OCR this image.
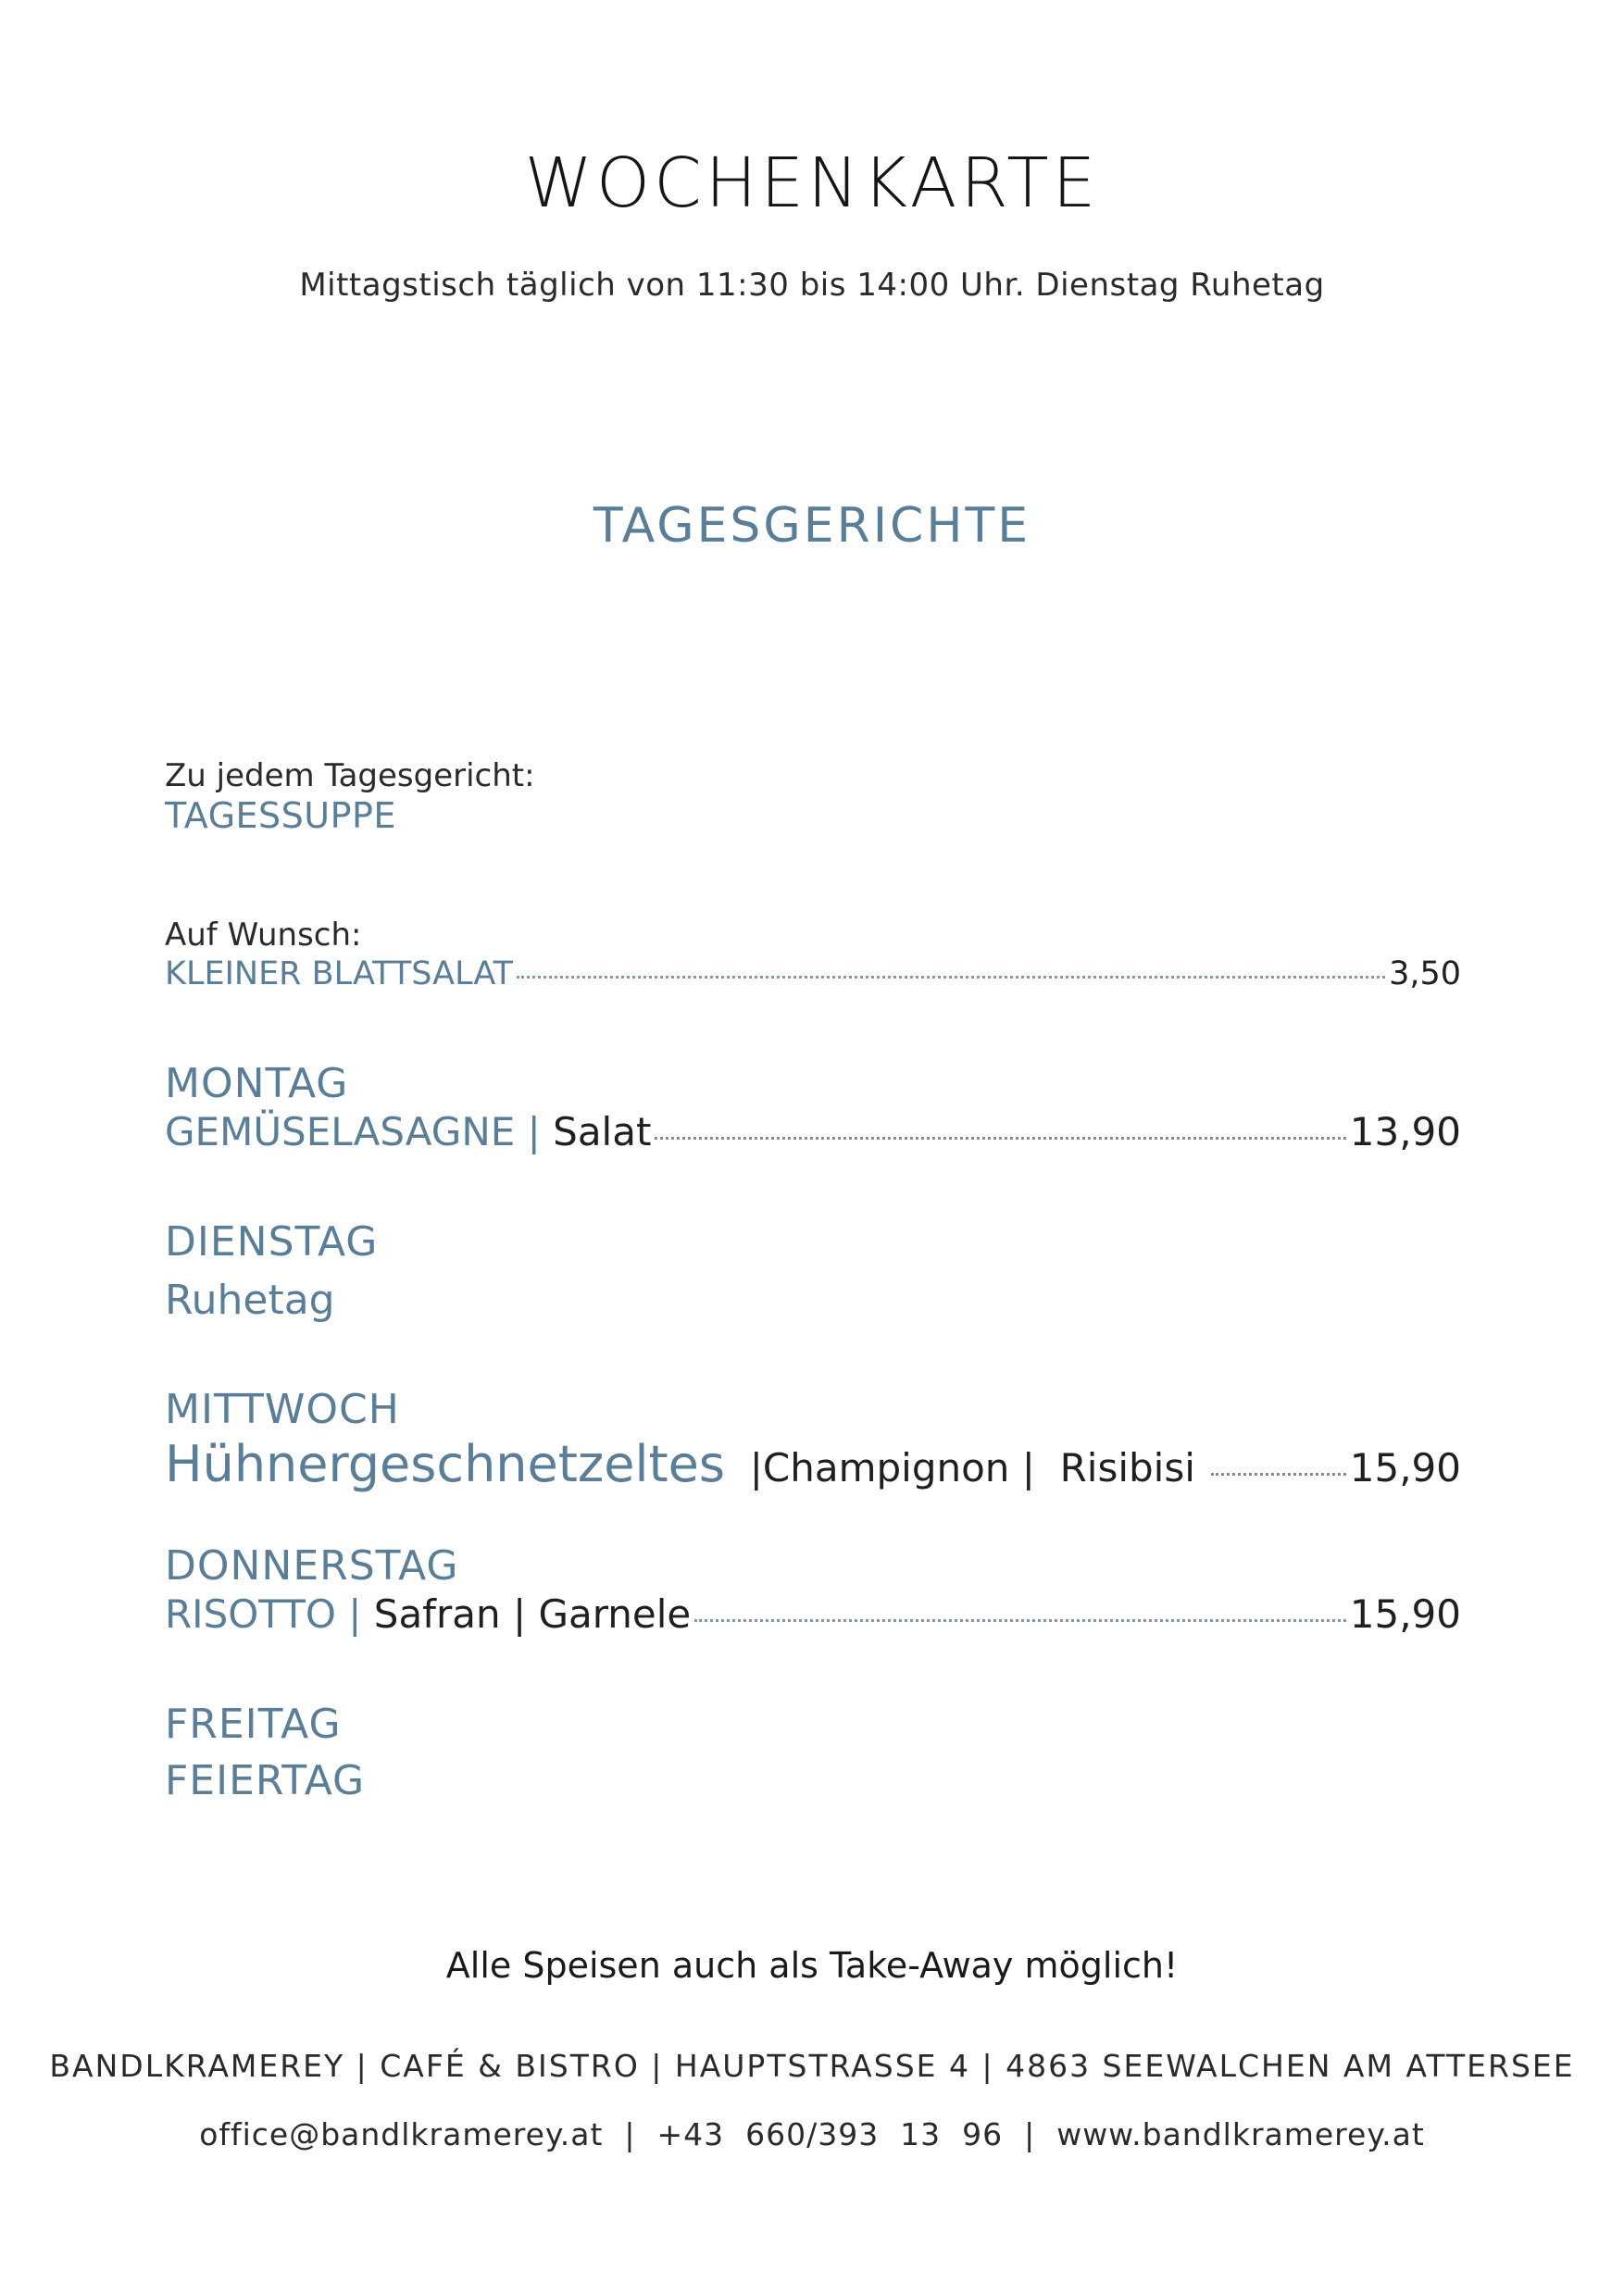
WOCHENKARTE
Mittagstisch täglich von 11:30 bis 14:00 Uhr. Dienstag Ruhetag
TAGESGERICHTE
Zu jedem Tagesgericht:
TAGESSUPPE
Auf Wunsch:
KLEINER BLATTSALAT	3,50
MONTAG
GEMÜSELASAGNE | Salat	13,90
DIENSTAG
Ruhetag
MITTWOCH
Hühnergeschnetzeltes  |Champignon |  Risibisi	15,90
DONNERSTAG
RISOTTO | Safran | Garnele	15,90
FREITAG
FEIERTAG
Alle Speisen auch als Take-Away möglich!
BANDLKRAMEREY | CAFÉ & BISTRO | HAUPTSTRASSE 4 | 4863 SEEWALCHEN AM ATTERSEE
office@bandlkramerey.at  |  +43  660/393  13  96  |  www.bandlkramerey.at
